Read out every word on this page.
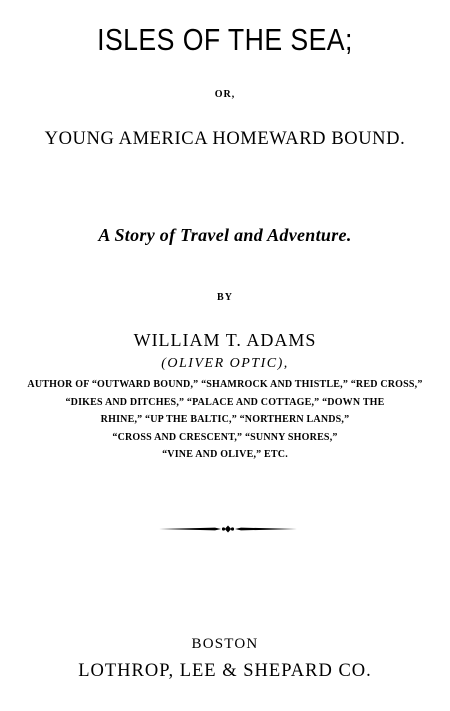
ISLES OF THE SEA;
OR,
YOUNG AMERICA HOMEWARD BOUND.
A Story of Travel and Adventure.
BY
WILLIAM T. ADAMS
(OLIVER OPTIC),
AUTHOR OF “OUTWARD BOUND,” “SHAMROCK AND THISTLE,” “RED CROSS,”
“DIKES AND DITCHES,” “PALACE AND COTTAGE,” “DOWN THE
RHINE,” “UP THE BALTIC,” “NORTHERN LANDS,”
“CROSS AND CRESCENT,” “SUNNY SHORES,”
“VINE AND OLIVE,” ETC.
BOSTON
LOTHROP, LEE & SHEPARD CO.
